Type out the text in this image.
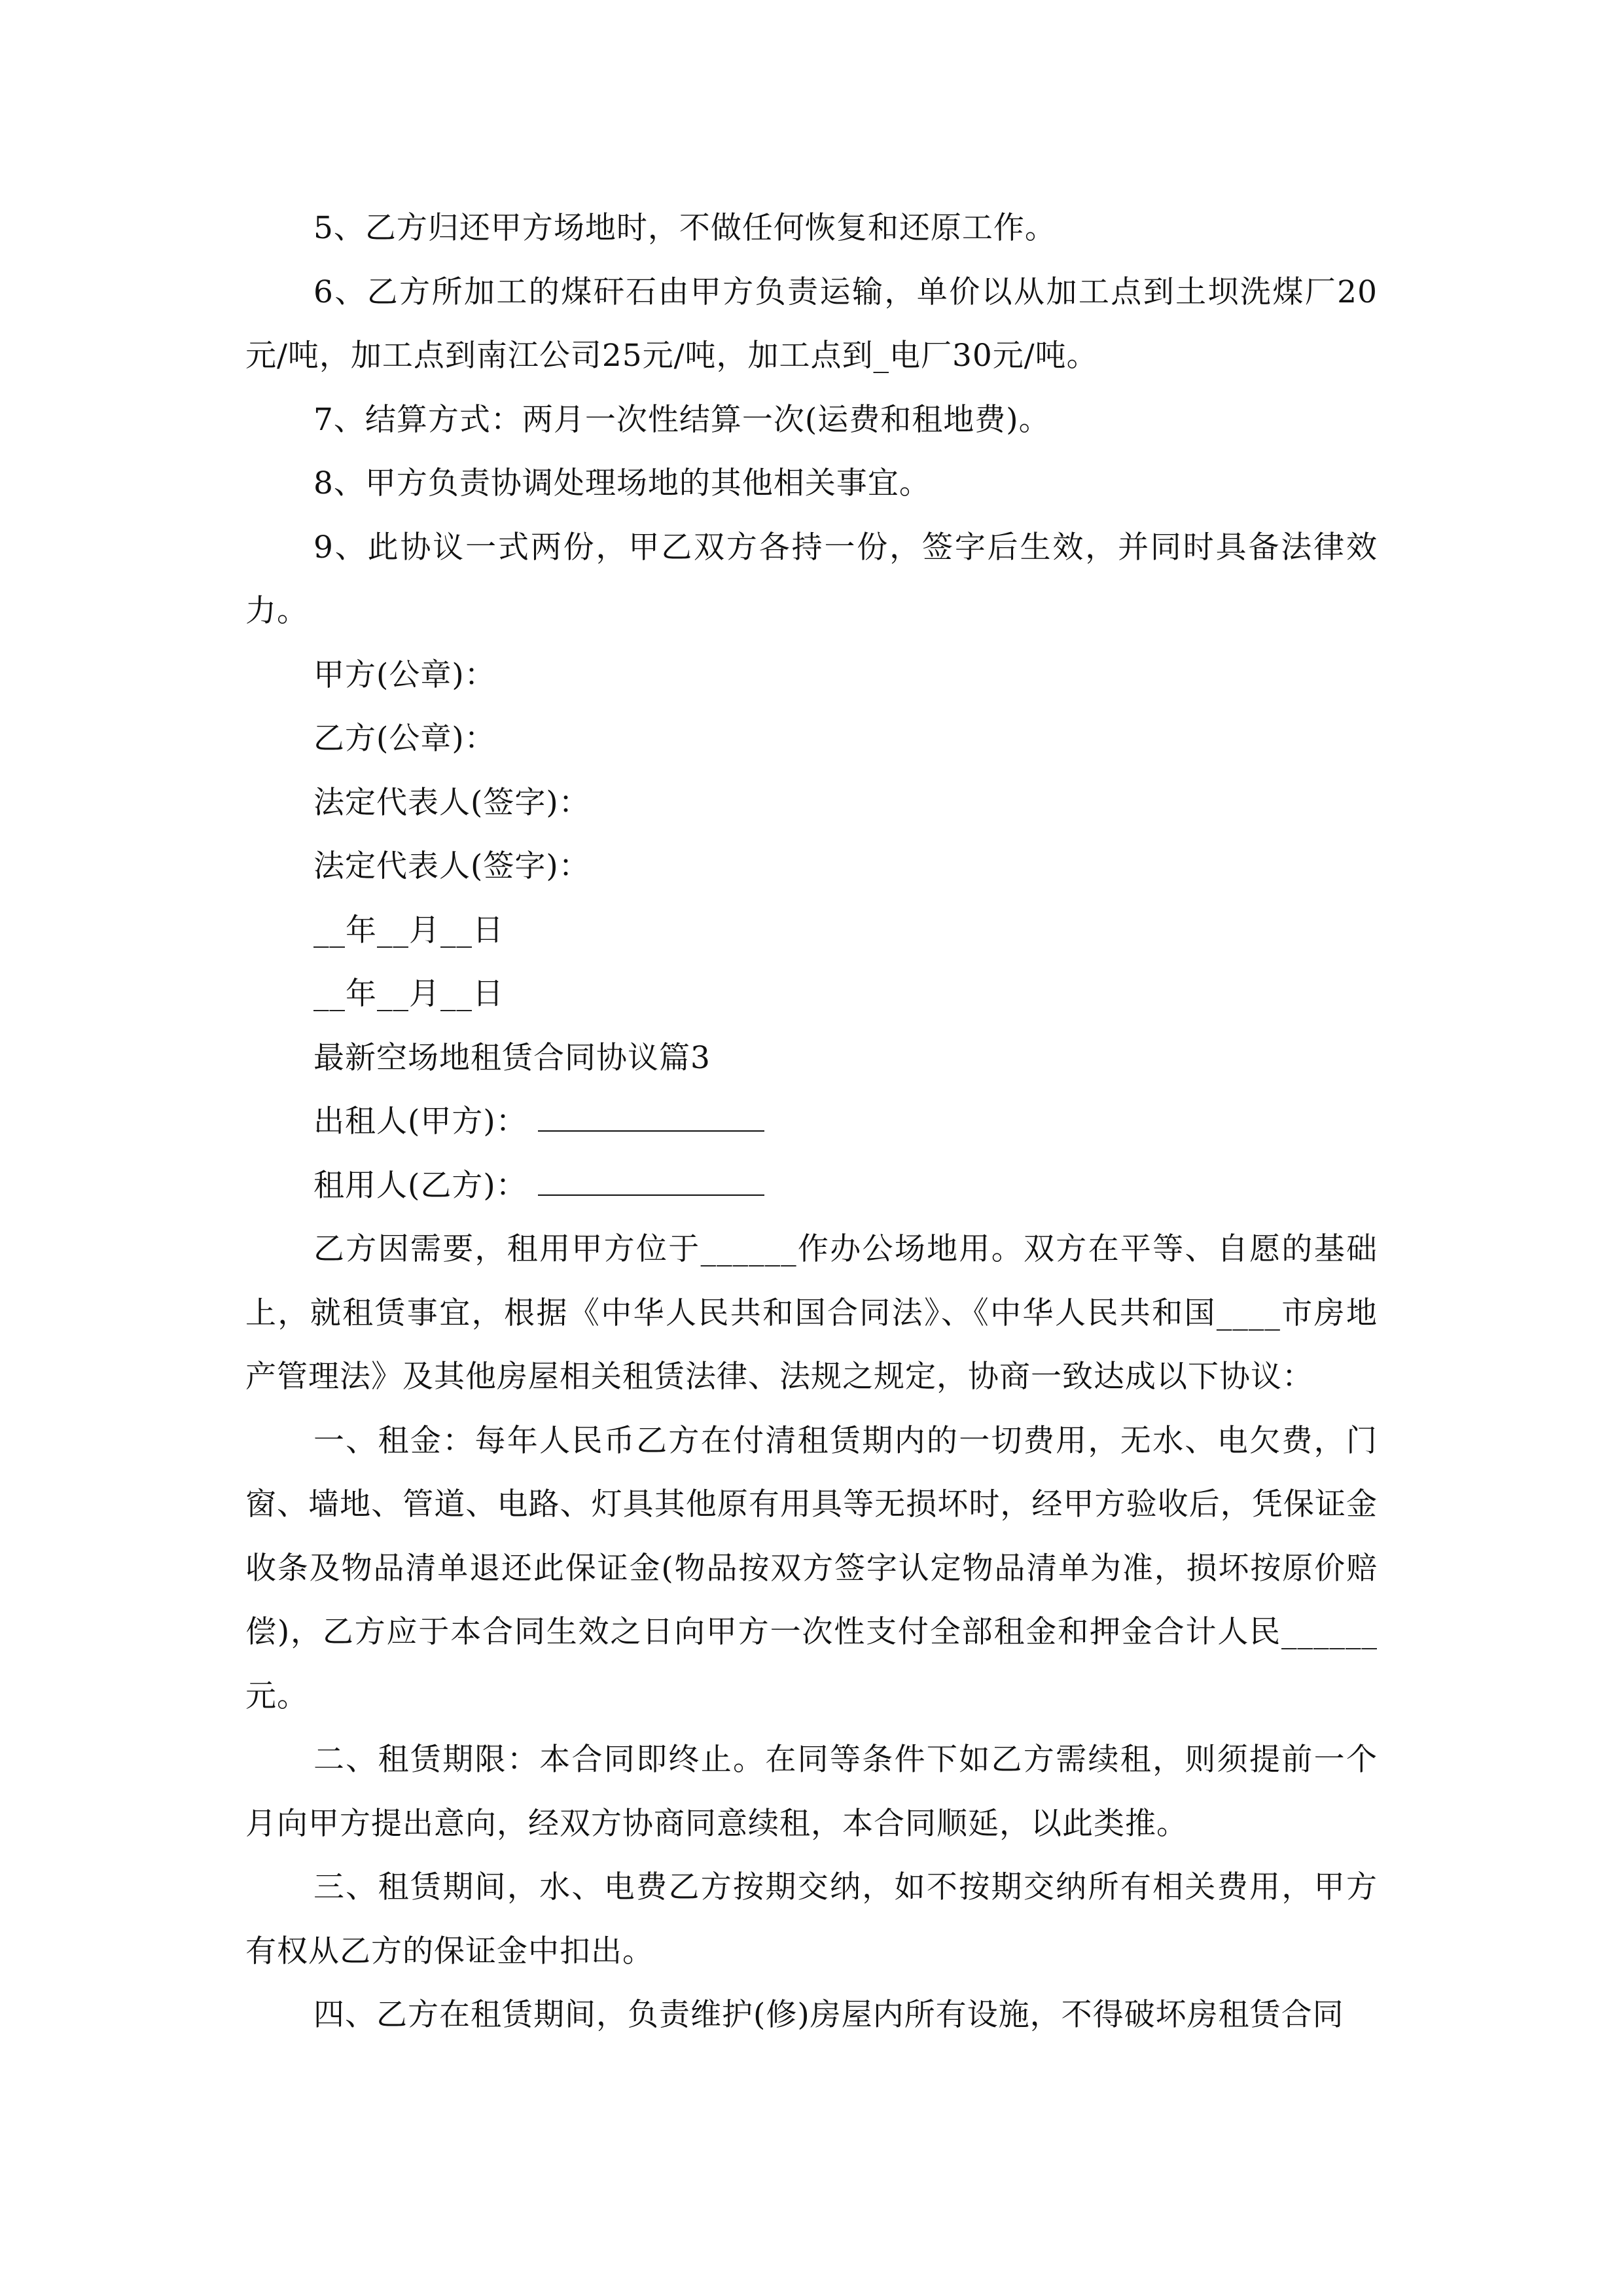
5、乙方归还甲方场地时，不做任何恢复和还原工作。

6、乙方所加工的煤矸石由甲方负责运输，单价以从加工点到土坝洗煤厂20元/吨，加工点到南江公司25元/吨，加工点到_电厂30元/吨。

7、结算方式：两月一次性结算一次(运费和租地费)。

8、甲方负责协调处理场地的其他相关事宜。

9、此协议一式两份，甲乙双方各持一份，签字后生效，并同时具备法律效力。

甲方(公章)：

乙方(公章)：

法定代表人(签字)：

法定代表人(签字)：

__年__月__日

__年__月__日

最新空场地租赁合同协议篇3

出租人(甲方)：

租用人(乙方)：

乙方因需要，租用甲方位于______作办公场地用。双方在平等、自愿的基础上，就租赁事宜，根据《中华人民共和国合同法》、《中华人民共和国____市房地产管理法》及其他房屋相关租赁法律、法规之规定，协商一致达成以下协议：

一、租金：每年人民币乙方在付清租赁期内的一切费用，无水、电欠费，门窗、墙地、管道、电路、灯具其他原有用具等无损坏时，经甲方验收后，凭保证金收条及物品清单退还此保证金(物品按双方签字认定物品清单为准，损坏按原价赔偿)，乙方应于本合同生效之日向甲方一次性支付全部租金和押金合计人民______元。

二、租赁期限：本合同即终止。在同等条件下如乙方需续租，则须提前一个月向甲方提出意向，经双方协商同意续租，本合同顺延，以此类推。

三、租赁期间，水、电费乙方按期交纳，如不按期交纳所有相关费用，甲方有权从乙方的保证金中扣出。

四、乙方在租赁期间，负责维护(修)房屋内所有设施，不得破坏房租赁合同
